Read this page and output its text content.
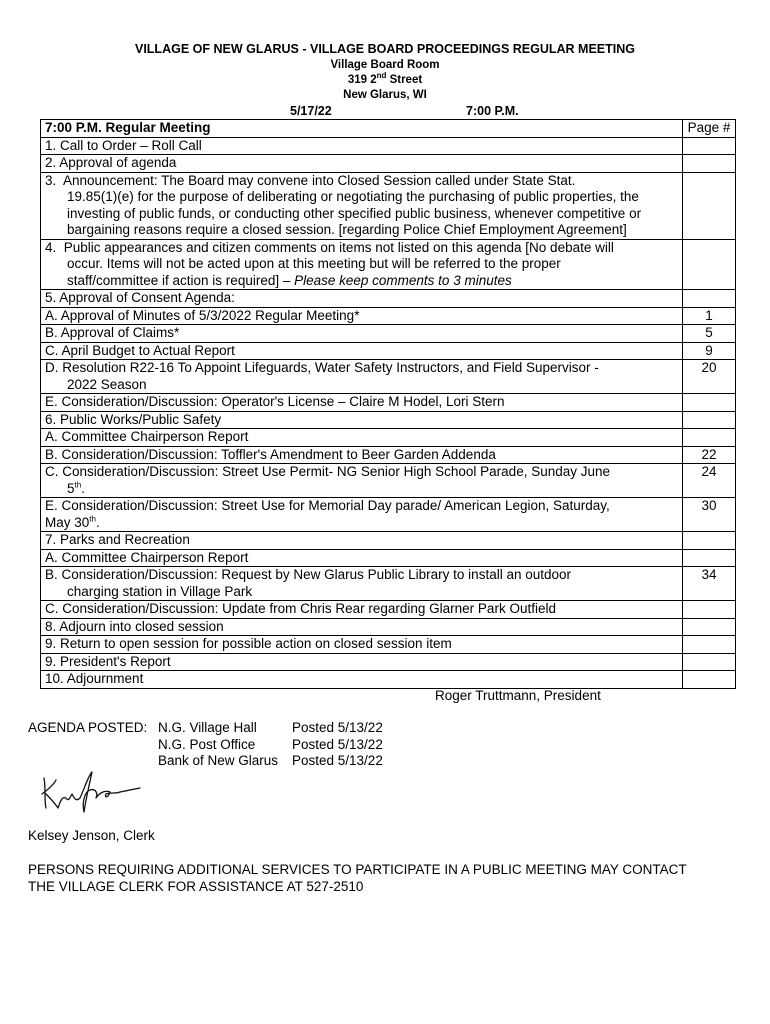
VILLAGE OF NEW GLARUS - VILLAGE BOARD PROCEEDINGS REGULAR MEETING
Village Board Room
319 2nd Street
New Glarus, WI
5/17/22	7:00 P.M.
7:00 P.M. Regular Meeting	Page #
1. Call to Order – Roll Call	
2. Approval of agenda	

3. Announcement: The Board may convene into Closed Session called under State Stat.
19.85(1)(e) for the purpose of deliberating or negotiating the purchasing of public properties, the
investing of public funds, or conducting other specified public business, whenever competitive or
bargaining reasons require a closed session. [regarding Police Chief Employment Agreement]	

4. Public appearances and citizen comments on items not listed on this agenda [No debate will
occur. Items will not be acted upon at this meeting but will be referred to the proper
staff/committee if action is required] – Please keep comments to 3 minutes	

5. Approval of Consent Agenda:	
A. Approval of Minutes of 5/3/2022 Regular Meeting*	1
B. Approval of Claims*	5
C. April Budget to Actual Report	9

D. Resolution R22-16 To Appoint Lifeguards, Water Safety Instructors, and Field Supervisor -
2022 Season	20
E. Consideration/Discussion: Operator's License – Claire M Hodel, Lori Stern	
6. Public Works/Public Safety	
A. Committee Chairperson Report	
B. Consideration/Discussion: Toffler's Amendment to Beer Garden Addenda	22

C. Consideration/Discussion: Street Use Permit- NG Senior High School Parade, Sunday June
5th.	24

E. Consideration/Discussion: Street Use for Memorial Day parade/ American Legion, Saturday,
May 30th.	30
7. Parks and Recreation	
A. Committee Chairperson Report	

B. Consideration/Discussion: Request by New Glarus Public Library to install an outdoor
charging station in Village Park	34
C. Consideration/Discussion: Update from Chris Rear regarding Glarner Park Outfield	
8. Adjourn into closed session	
9. Return to open session for possible action on closed session item	
9. President's Report	
10. Adjournment	
Roger Truttmann, President
AGENDA POSTED: N.G. Village Hall	Posted 5/13/22
N.G. Post Office	Posted 5/13/22
Bank of New Glarus	Posted 5/13/22
Kelsey Jenson, Clerk
PERSONS REQUIRING ADDITIONAL SERVICES TO PARTICIPATE IN A PUBLIC MEETING MAY CONTACT
THE VILLAGE CLERK FOR ASSISTANCE AT 527-2510
